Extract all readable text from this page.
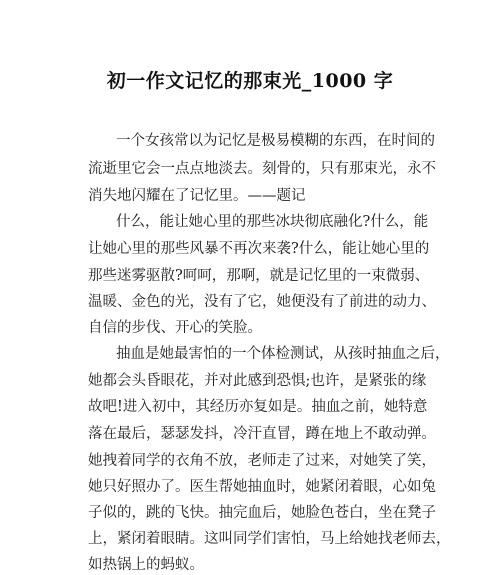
初一作文记忆的那束光_1000 字
一个女孩常以为记忆是极易模糊的东西，在时间的
流逝里它会一点点地淡去。刻骨的，只有那束光，永不
消失地闪耀在了记忆里。——题记
什么，能让她心里的那些冰块彻底融化?什么，能
让她心里的那些风暴不再次来袭?什么，能让她心里的
那些迷雾驱散?呵呵，那啊，就是记忆里的一束微弱、
温暖、金色的光，没有了它，她便没有了前进的动力、
自信的步伐、开心的笑脸。
抽血是她最害怕的一个体检测试，从孩时抽血之后，
她都会头昏眼花，并对此感到恐惧;也许，是紧张的缘
故吧!进入初中，其经历亦复如是。抽血之前，她特意
落在最后，瑟瑟发抖，冷汗直冒，蹲在地上不敢动弹。
她拽着同学的衣角不放，老师走了过来，对她笑了笑，
她只好照办了。医生帮她抽血时，她紧闭着眼，心如兔
子似的，跳的飞快。抽完血后，她脸色苍白，坐在凳子
上，紧闭着眼睛。这叫同学们害怕，马上给她找老师去，
如热锅上的蚂蚁。
